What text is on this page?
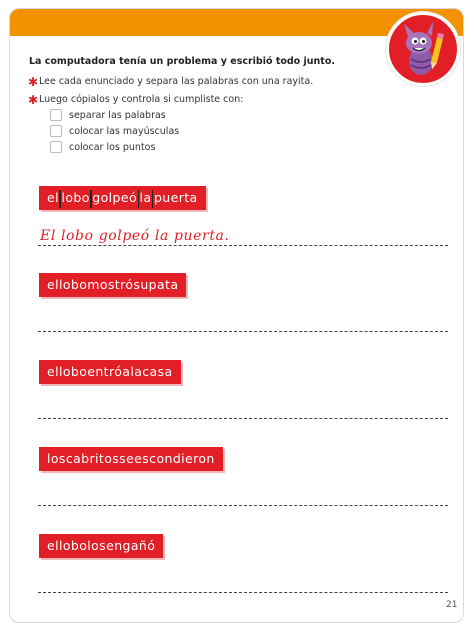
La computadora tenía un problema y escribió todo junto.
✱ Lee cada enunciado y separa las palabras con una rayita.
✱ Luego cópialos y controla si cumpliste con:
separar las palabras
colocar las mayúsculas
colocar los puntos
el lobo golpeó la puerta
El lobo golpeó la puerta.
ellobomostrósupata
elloboentróalacasa
loscabritosseescondieron
ellobolosengañó
21
